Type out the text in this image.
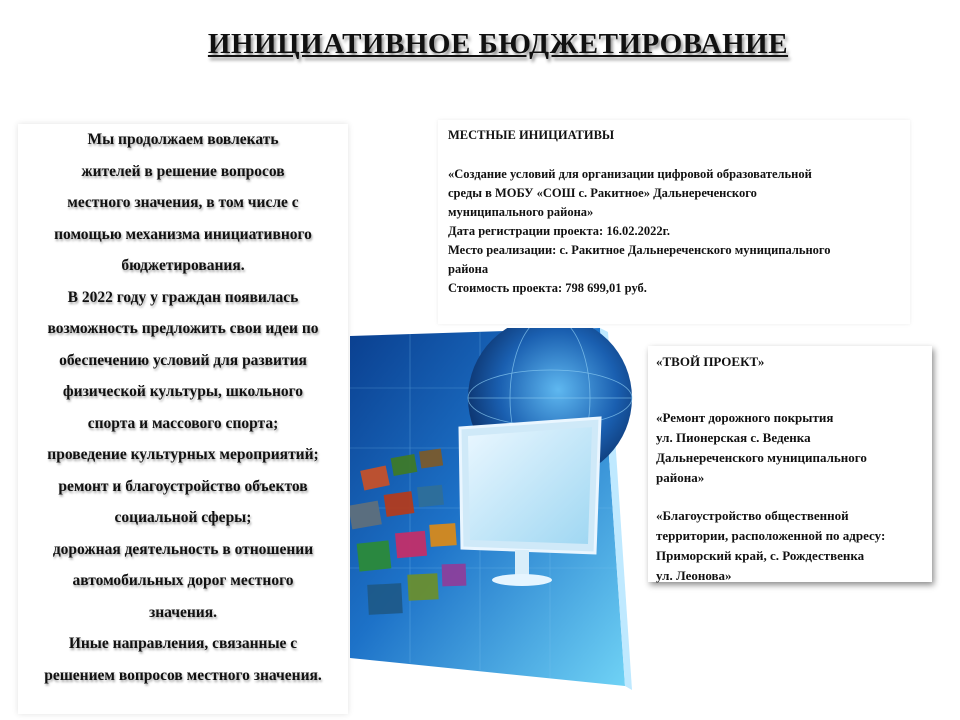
ИНИЦИАТИВНОЕ БЮДЖЕТИРОВАНИЕ

Мы продолжаем вовлекать

жителей в решение вопросов

местного значения, в том числе с

помощью механизма инициативного

бюджетирования.

В 2022 году у граждан появилась

возможность предложить свои идеи по

обеспечению условий для развития

физической культуры, школьного

спорта и массового спорта;

проведение культурных мероприятий;

ремонт и благоустройство объектов

социальной сферы;

дорожная деятельность в отношении

автомобильных дорог местного

значения.

Иные направления, связанные с

решением вопросов местного значения.

МЕСТНЫЕ ИНИЦИАТИВЫ
«Создание условий для организации цифровой образовательной
среды в МОБУ «СОШ с. Ракитное» Дальнереченского
муниципального района»
Дата регистрации проекта: 16.02.2022г.
Место реализации: с. Ракитное Дальнереченского муниципального
района
Стоимость проекта: 798 699,01 руб.
«ТВОЙ ПРОЕКТ»
«Ремонт дорожного покрытия
ул. Пионерская с. Веденка
Дальнереченского муниципального
района»
«Благоустройство общественной
территории, расположенной по адресу:
Приморский край, с. Рождественка
ул. Леонова»
